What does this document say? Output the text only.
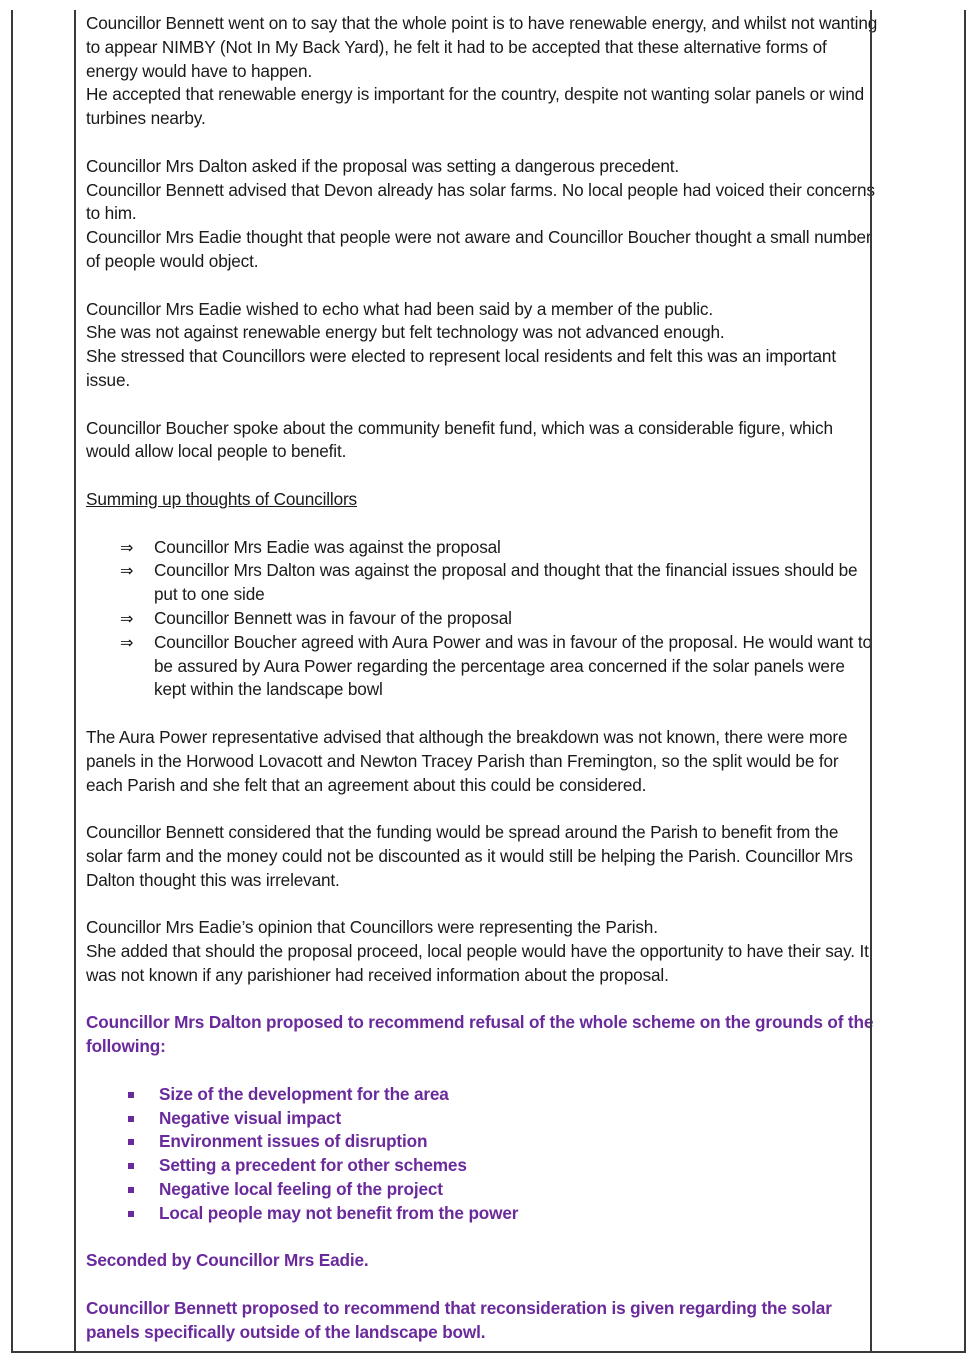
Councillor Bennett went on to say that the whole point is to have renewable energy, and whilst not wanting to appear NIMBY (Not In My Back Yard), he felt it had to be accepted that these alternative forms of energy would have to happen.

He accepted that renewable energy is important for the country, despite not wanting solar panels or wind turbines nearby.

Councillor Mrs Dalton asked if the proposal was setting a dangerous precedent.

Councillor Bennett advised that Devon already has solar farms. No local people had voiced their concerns to him.

Councillor Mrs Eadie thought that people were not aware and Councillor Boucher thought a small number of people would object.

Councillor Mrs Eadie wished to echo what had been said by a member of the public.

She was not against renewable energy but felt technology was not advanced enough.

She stressed that Councillors were elected to represent local residents and felt this was an important issue.

Councillor Boucher spoke about the community benefit fund, which was a considerable figure, which would allow local people to benefit.

Summing up thoughts of Councillors

⇒ Councillor Mrs Eadie was against the proposal
⇒ Councillor Mrs Dalton was against the proposal and thought that the financial issues should be put to one side
⇒ Councillor Bennett was in favour of the proposal
⇒ Councillor Boucher agreed with Aura Power and was in favour of the proposal. He would want to be assured by Aura Power regarding the percentage area concerned if the solar panels were kept within the landscape bowl

The Aura Power representative advised that although the breakdown was not known, there were more panels in the Horwood Lovacott and Newton Tracey Parish than Fremington, so the split would be for each Parish and she felt that an agreement about this could be considered.

Councillor Bennett considered that the funding would be spread around the Parish to benefit from the solar farm and the money could not be discounted as it would still be helping the Parish. Councillor Mrs Dalton thought this was irrelevant.

Councillor Mrs Eadie’s opinion that Councillors were representing the Parish.

She added that should the proposal proceed, local people would have the opportunity to have their say. It was not known if any parishioner had received information about the proposal.

Councillor Mrs Dalton proposed to recommend refusal of the whole scheme on the grounds of the following:

Size of the development for the area
Negative visual impact
Environment issues of disruption
Setting a precedent for other schemes
Negative local feeling of the project
Local people may not benefit from the power

Seconded by Councillor Mrs Eadie.

Councillor Bennett proposed to recommend that reconsideration is given regarding the solar panels specifically outside of the landscape bowl.
